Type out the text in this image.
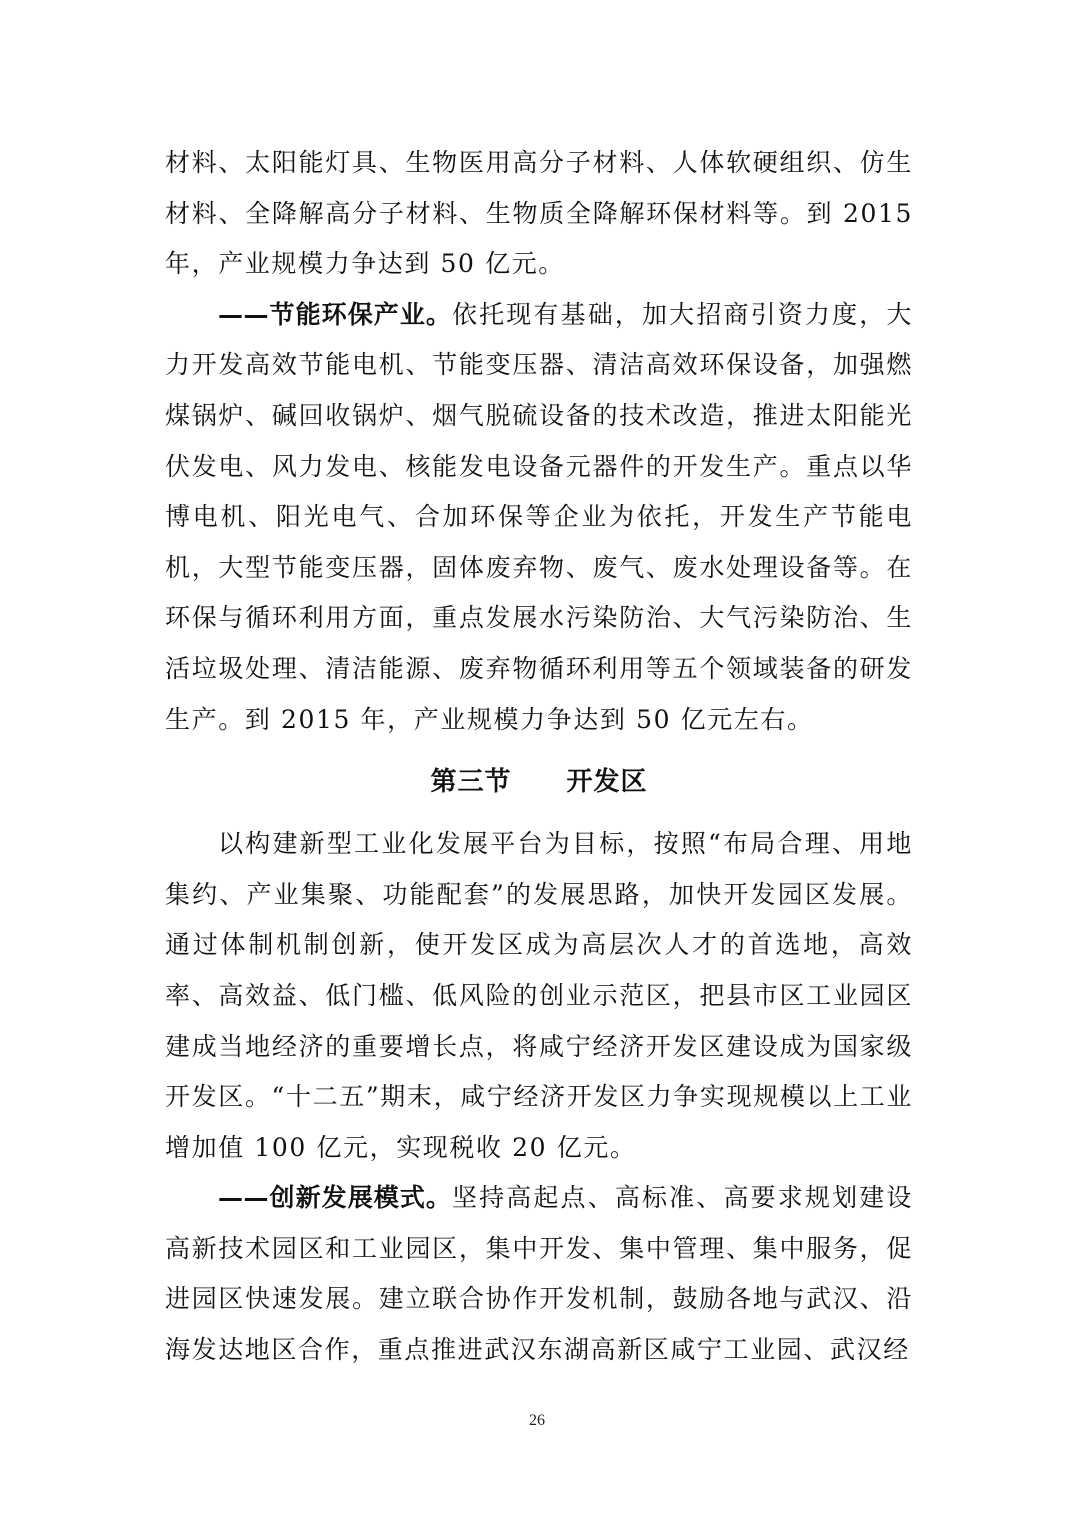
材料、太阳能灯具、生物医用高分子材料、人体软硬组织、仿生材料、全降解高分子材料、生物质全降解环保材料等。到 2015 年，产业规模力争达到 50 亿元。

——节能环保产业。依托现有基础，加大招商引资力度，大力开发高效节能电机、节能变压器、清洁高效环保设备，加强燃煤锅炉、碱回收锅炉、烟气脱硫设备的技术改造，推进太阳能光伏发电、风力发电、核能发电设备元器件的开发生产。重点以华博电机、阳光电气、合加环保等企业为依托，开发生产节能电机，大型节能变压器，固体废弃物、废气、废水处理设备等。在环保与循环利用方面，重点发展水污染防治、大气污染防治、生活垃圾处理、清洁能源、废弃物循环利用等五个领域装备的研发生产。到 2015 年，产业规模力争达到 50 亿元左右。

第三节 开发区

以构建新型工业化发展平台为目标，按照“布局合理、用地集约、产业集聚、功能配套”的发展思路，加快开发园区发展。通过体制机制创新，使开发区成为高层次人才的首选地，高效率、高效益、低门槛、低风险的创业示范区，把县市区工业园区建成当地经济的重要增长点，将咸宁经济开发区建设成为国家级开发区。“十二五”期末，咸宁经济开发区力争实现规模以上工业增加值 100 亿元，实现税收 20 亿元。

——创新发展模式。坚持高起点、高标准、高要求规划建设高新技术园区和工业园区，集中开发、集中管理、集中服务，促进园区快速发展。建立联合协作开发机制，鼓励各地与武汉、沿海发达地区合作，重点推进武汉东湖高新区咸宁工业园、武汉经

26
